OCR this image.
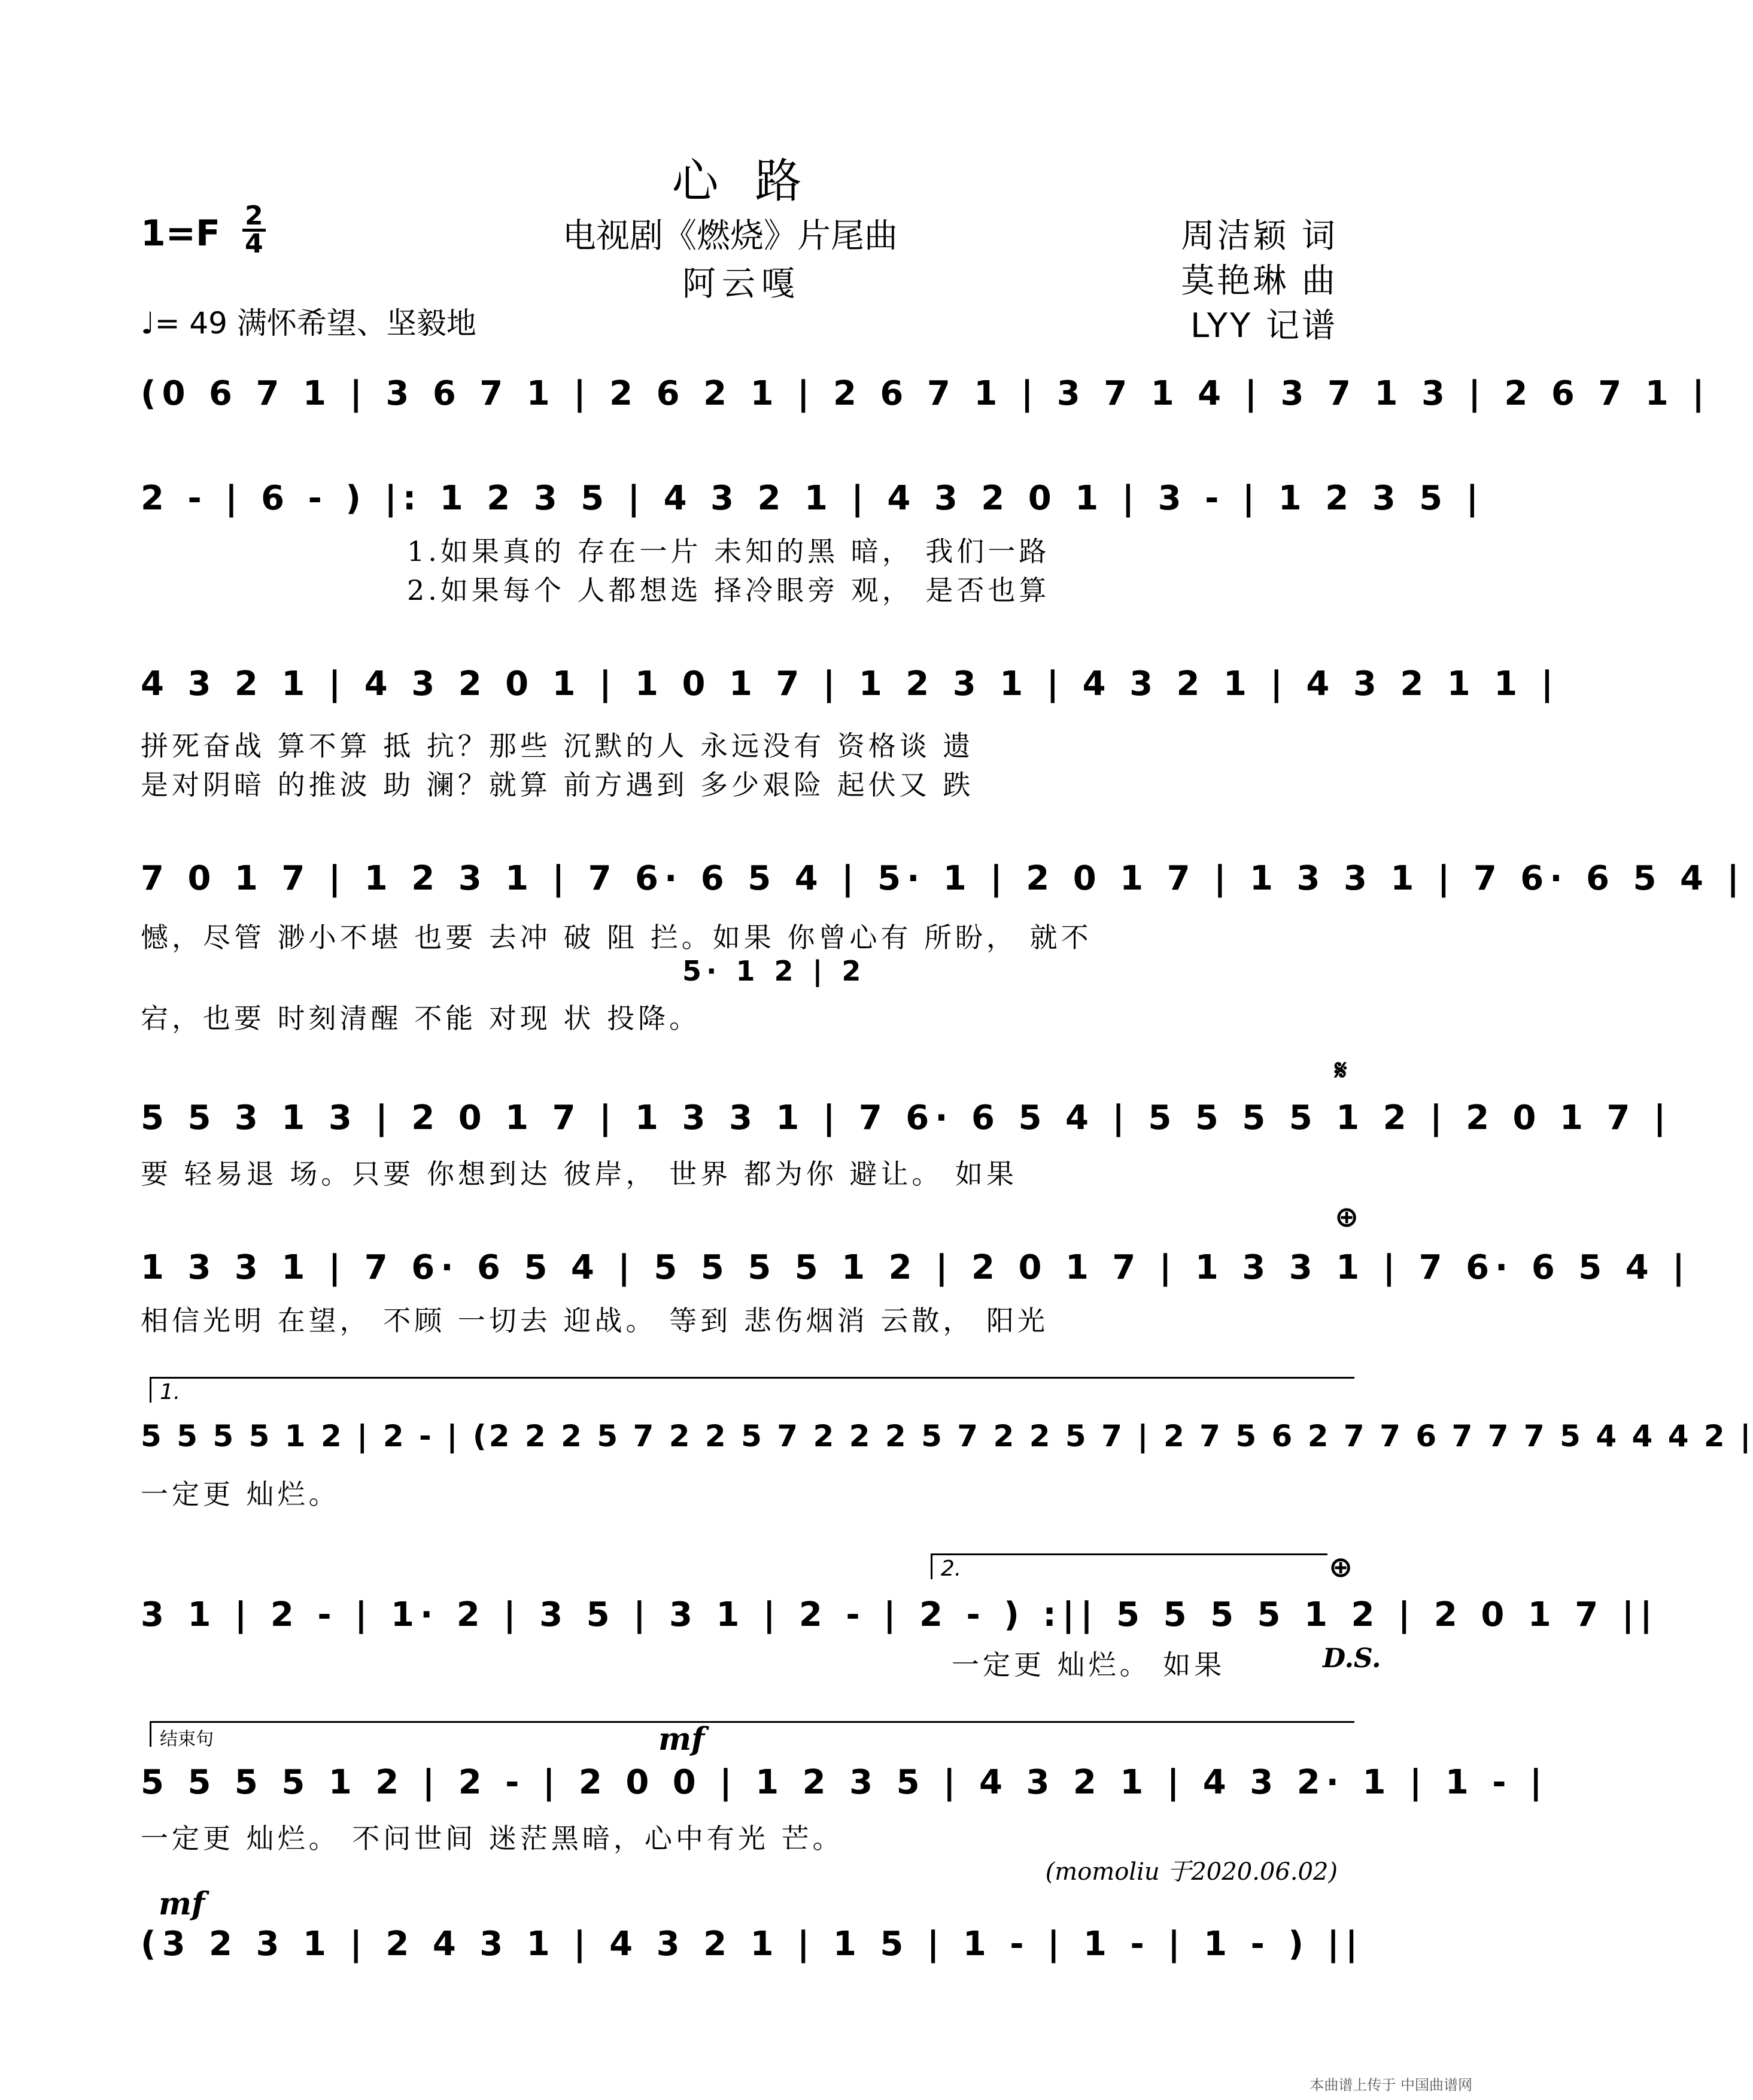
心 路
电视剧《燃烧》片尾曲
阿云嘎
1=F 2
4
♩= 49 满怀希望、坚毅地
周洁颖 词
莫艳琳 曲
LYY 记谱
(0 6 7 1 | 3 6 7 1 | 2 6 2 1 | 2 6 7 1 | 3 7 1 4 | 3 7 1 3 | 2 6 7 1 |
2 - | 6 - ) |: 1 2 3 5 | 4 3 2 1 | 4 3 2 0 1 | 3 - | 1 2 3 5 |
1.如果真的 存在一片 未知的黑 暗， 我们一路
2.如果每个 人都想选 择冷眼旁 观， 是否也算
4 3 2 1 | 4 3 2 0 1 | 1 0 1 7 | 1 2 3 1 | 4 3 2 1 | 4 3 2 1 1 |
拼死奋战 算不算 抵 抗？那些 沉默的人 永远没有 资格谈 遗
是对阴暗 的推波 助 澜？就算 前方遇到 多少艰险 起伏又 跌
7 0 1 7 | 1 2 3 1 | 7 6· 6 5 4 | 5· 1 | 2 0 1 7 | 1 3 3 1 | 7 6· 6 5 4 |
憾，尽管 渺小不堪 也要 去冲 破 阻 拦。如果 你曾心有 所盼， 就不
5· 1 2 | 2
宕，也要 时刻清醒 不能 对现 状 投降。
𝄋
5 5 3 1 3 | 2 0 1 7 | 1 3 3 1 | 7 6· 6 5 4 | 5 5 5 5 1 2 | 2 0 1 7 |
要 轻易退 场。只要 你想到达 彼岸， 世界 都为你 避让。 如果
⊕
1 3 3 1 | 7 6· 6 5 4 | 5 5 5 5 1 2 | 2 0 1 7 | 1 3 3 1 | 7 6· 6 5 4 |
相信光明 在望， 不顾 一切去 迎战。 等到 悲伤烟消 云散， 阳光
1.
5 5 5 5 1 2 | 2 - | (2 2 2 5 7 2 2 5 7 2 2 2 5 7 2 2 5 7 | 2 7 5 6 2 7 7 6 7 7 7 5 4 4 4 2 |
一定更 灿烂。
2.	⊕
3 1 | 2 - | 1· 2 | 3 5 | 3 1 | 2 - | 2 - ) :|| 5 5 5 5 1 2 | 2 0 1 7 ||
一定更 灿烂。 如果	D.S.
结束句	mf
5 5 5 5 1 2 | 2 - | 2 0 0 | 1 2 3 5 | 4 3 2 1 | 4 3 2· 1 | 1 - |
一定更 灿烂。 不问世间 迷茫黑暗，心中有光 芒。
(momoliu 于2020.06.02)
mf
(3 2 3 1 | 2 4 3 1 | 4 3 2 1 | 1 5 | 1 - | 1 - | 1 - ) ||
本曲谱上传于 中国曲谱网
